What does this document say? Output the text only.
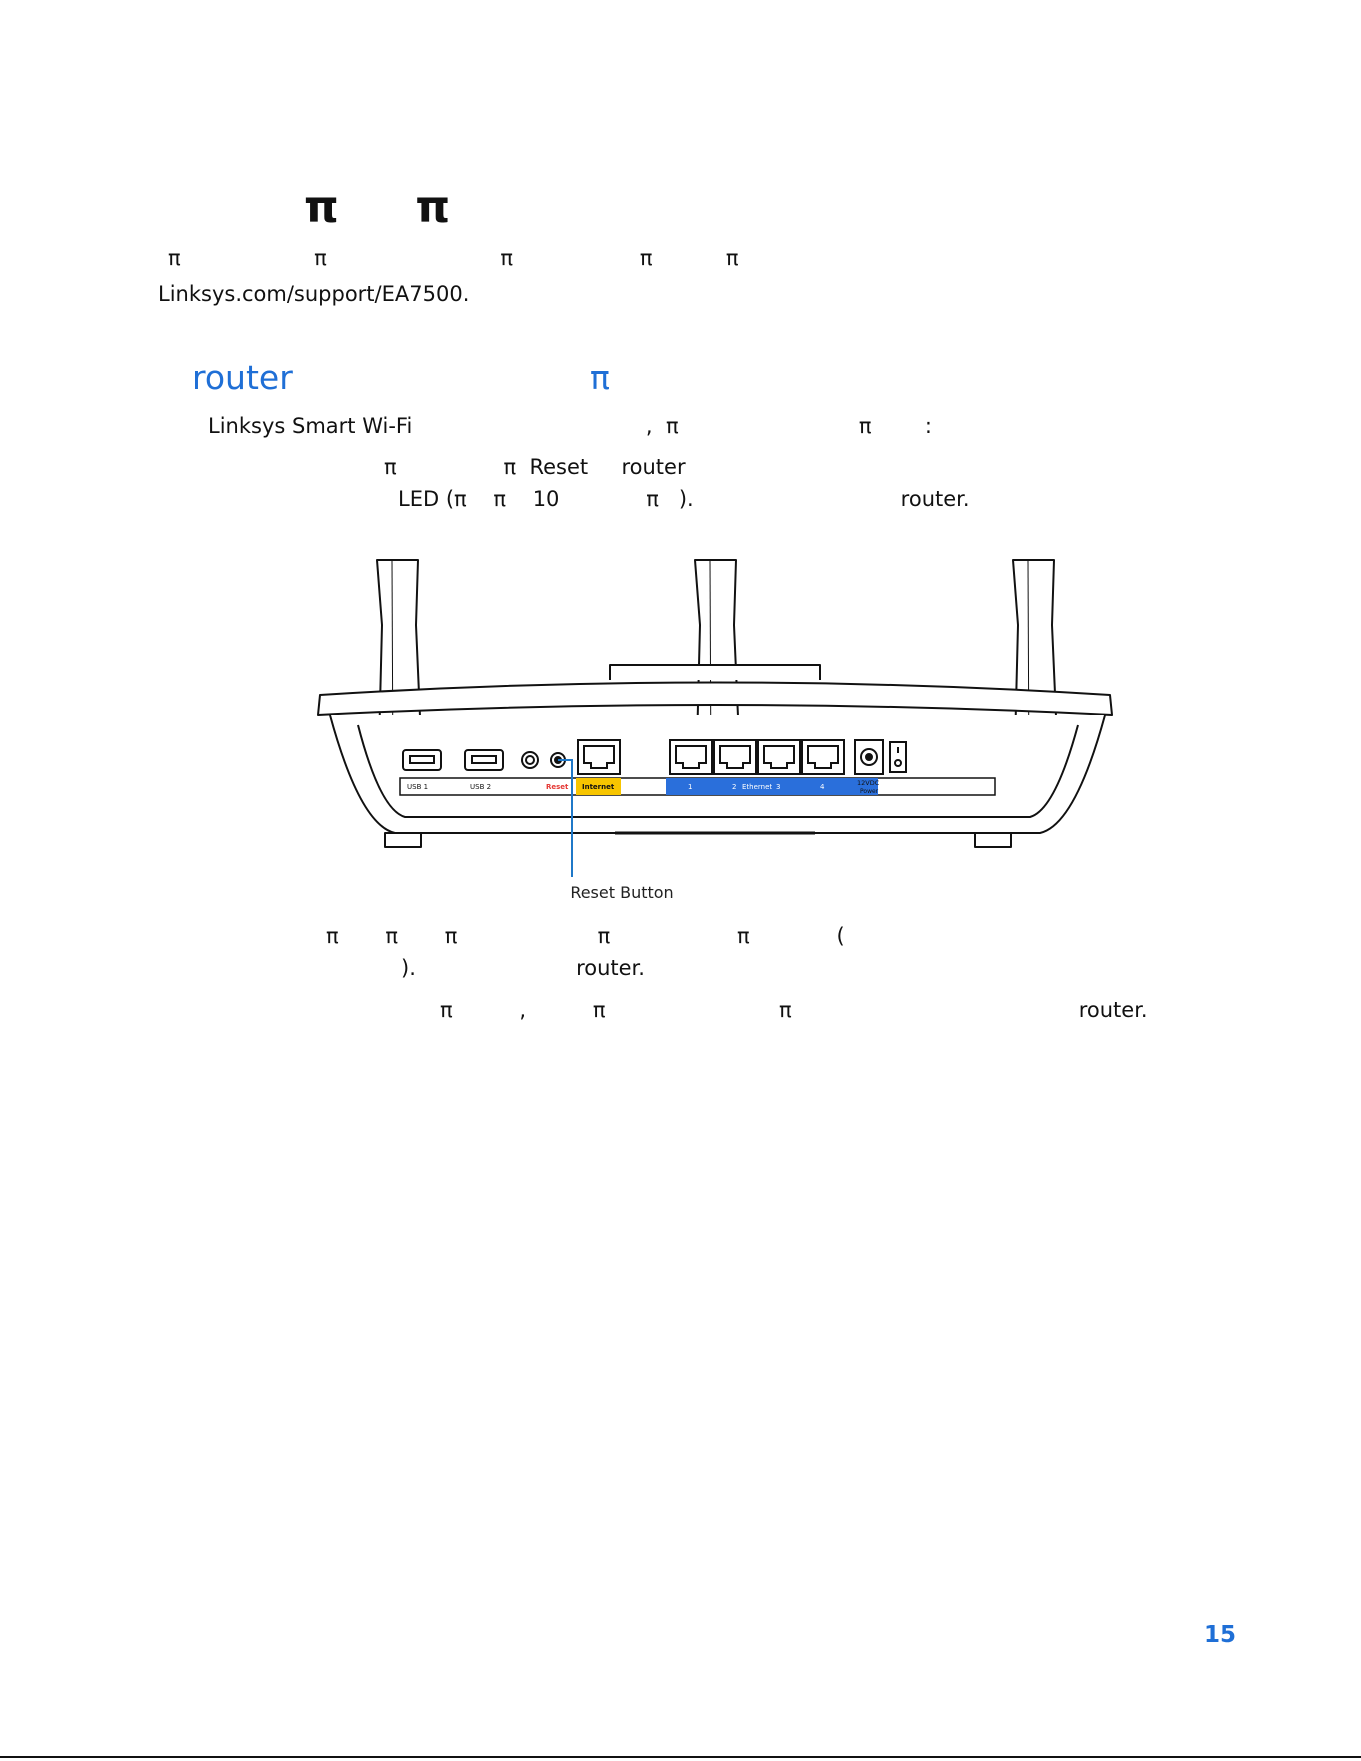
π     π
π                    π                          π                   π           π
Linksys.com/support/EA7500.
router	π
Linksys Smart Wi-Fi                                   ,  π                           π        :
π                π  Reset     router
LED (π    π    10             π   ).                               router.
USB 1	USB 2	Reset Internet	1	2 Ethernet 3	4	12VDC
Power
Reset Button
π       π       π                     π                   π             (
).                        router.
π          ,          π                          π                                           router.
15
